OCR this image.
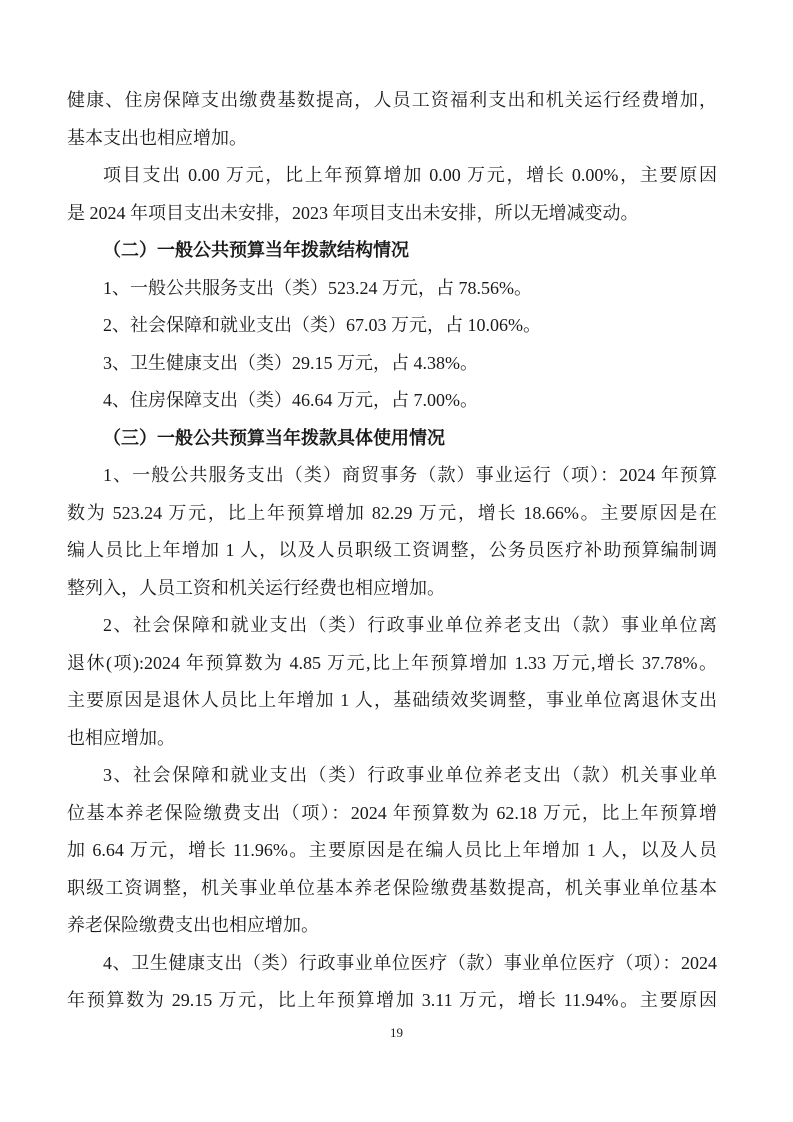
健康、住房保障支出缴费基数提高，人员工资福利支出和机关运行经费增加，
基本支出也相应增加。
项目支出 0.00 万元，比上年预算增加 0.00 万元，增长 0.00%，主要原因
是 2024 年项目支出未安排，2023 年项目支出未安排，所以无增减变动。
（二）一般公共预算当年拨款结构情况
1、一般公共服务支出（类）523.24 万元，占 78.56%。
2、社会保障和就业支出（类）67.03 万元，占 10.06%。
3、卫生健康支出（类）29.15 万元，占 4.38%。
4、住房保障支出（类）46.64 万元，占 7.00%。
（三）一般公共预算当年拨款具体使用情况
1、一般公共服务支出（类）商贸事务（款）事业运行（项）：2024 年预算
数为 523.24 万元，比上年预算增加 82.29 万元，增长 18.66%。主要原因是在
编人员比上年增加 1 人，以及人员职级工资调整，公务员医疗补助预算编制调
整列入，人员工资和机关运行经费也相应增加。
2、社会保障和就业支出（类）行政事业单位养老支出（款）事业单位离
退休(项):2024 年预算数为 4.85 万元,比上年预算增加 1.33 万元,增长 37.78%。
主要原因是退休人员比上年增加 1 人，基础绩效奖调整，事业单位离退休支出
也相应增加。
3、社会保障和就业支出（类）行政事业单位养老支出（款）机关事业单
位基本养老保险缴费支出（项）：2024 年预算数为 62.18 万元，比上年预算增
加 6.64 万元，增长 11.96%。主要原因是在编人员比上年增加 1 人，以及人员
职级工资调整，机关事业单位基本养老保险缴费基数提高，机关事业单位基本
养老保险缴费支出也相应增加。
4、卫生健康支出（类）行政事业单位医疗（款）事业单位医疗（项）：2024
年预算数为 29.15 万元，比上年预算增加 3.11 万元，增长 11.94%。主要原因
19
